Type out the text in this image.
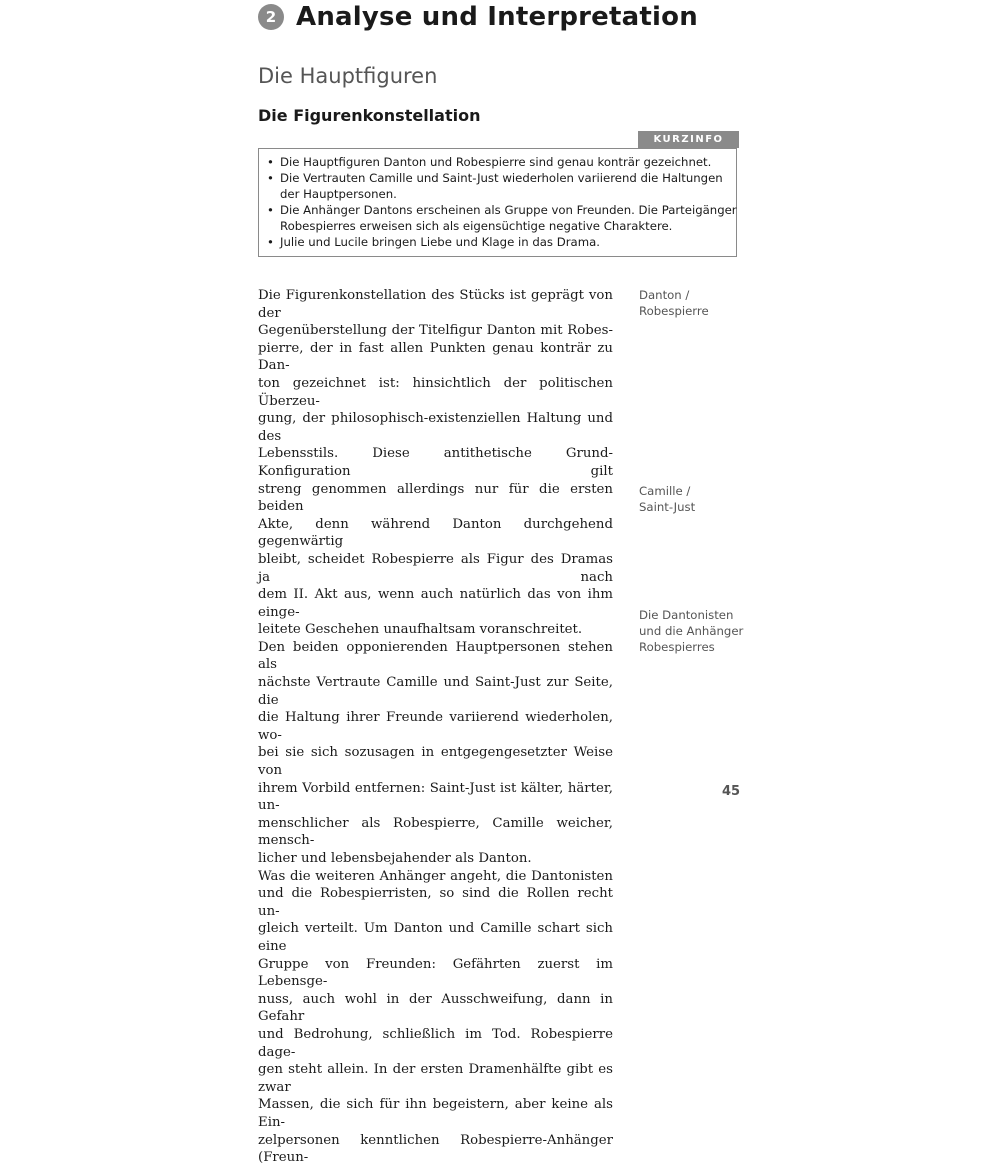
2 Analyse und Interpretation
Die Hauptfiguren
Die Figurenkonstellation
KURZINFO
• Die Hauptfiguren Danton und Robespierre sind genau konträr gezeichnet.
• Die Vertrauten Camille und Saint-Just wiederholen variierend die Haltungen
der Hauptpersonen.
• Die Anhänger Dantons erscheinen als Gruppe von Freunden. Die Parteigänger
Robespierres erweisen sich als eigensüchtige negative Charaktere.
• Julie und Lucile bringen Liebe und Klage in das Drama.
Die Figurenkonstellation des Stücks ist geprägt von der
Gegenüberstellung der Titelfigur Danton mit Robes-
pierre, der in fast allen Punkten genau konträr zu Dan-
ton gezeichnet ist: hinsichtlich der politischen Überzeu-
gung, der philosophisch-existenziellen Haltung und des
Lebensstils. Diese antithetische Grund-Konfiguration gilt
streng genommen allerdings nur für die ersten beiden
Akte, denn während Danton durchgehend gegenwärtig
bleibt, scheidet Robespierre als Figur des Dramas ja nach
dem II. Akt aus, wenn auch natürlich das von ihm einge-
leitete Geschehen unaufhaltsam voranschreitet.
Den beiden opponierenden Hauptpersonen stehen als
nächste Vertraute Camille und Saint-Just zur Seite, die
die Haltung ihrer Freunde variierend wiederholen, wo-
bei sie sich sozusagen in entgegengesetzter Weise von
ihrem Vorbild entfernen: Saint-Just ist kälter, härter, un-
menschlicher als Robespierre, Camille weicher, mensch-
licher und lebensbejahender als Danton.
Was die weiteren Anhänger angeht, die Dantonisten
und die Robespierristen, so sind die Rollen recht un-
gleich verteilt. Um Danton und Camille schart sich eine
Gruppe von Freunden: Gefährten zuerst im Lebensge-
nuss, auch wohl in der Ausschweifung, dann in Gefahr
und Bedrohung, schließlich im Tod. Robespierre dage-
gen steht allein. In der ersten Dramenhälfte gibt es zwar
Massen, die sich für ihn begeistern, aber keine als Ein-
zelpersonen kenntlichen Robespierre-Anhänger (Freun-
Danton /
Robespierre
Camille /
Saint-Just
Die Dantonisten
und die Anhänger
Robespierres
45
